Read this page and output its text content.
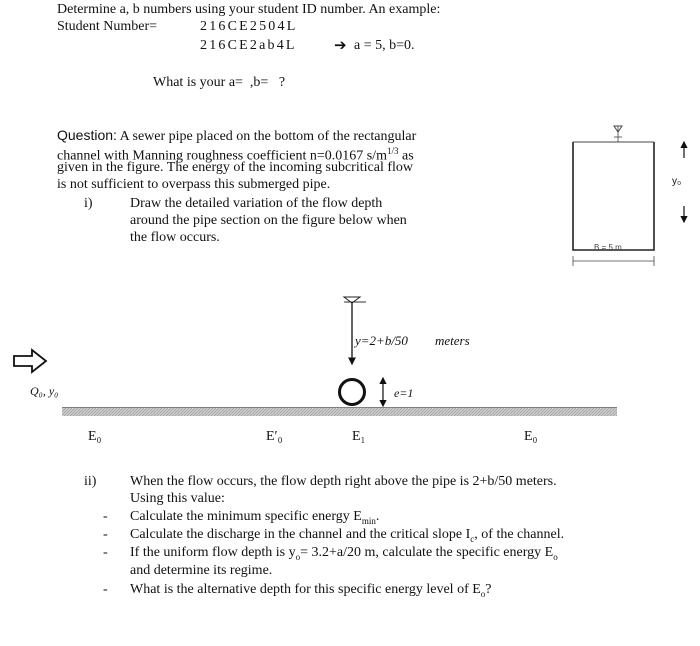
Determine a, b numbers using your student ID number. An example:
Student Number=	216CE2504L
216CE2ab4L ➔ a = 5, b=0.
What is your a=  ,b=   ?
Question: A sewer pipe placed on the bottom of the rectangular
channel with Manning roughness coefficient n=0.0167 $s/m^{1/3}$ as
given in the figure. The energy of the incoming subcritical flow
is not sufficient to overpass this submerged pipe.
i)	Draw the detailed variation of the flow depth
around the pipe section on the figure below when
the flow occurs.
y₀
B = 5 m
Q₀, y₀
y=2+b/50 meters
e=1
E₀	E′₀	E₁	E₀
ii) When the flow occurs, the flow depth right above the pipe is 2+b/50 meters.
Using this value:
- Calculate the minimum specific energy $E_{min}$.
- Calculate the discharge in the channel and the critical slope $I_c$, of the channel.
- If the uniform flow depth is $y_o= 3.2+a/20$ m, calculate the specific energy $E_o$
and determine its regime.
- What is the alternative depth for this specific energy level of $E_o$?
